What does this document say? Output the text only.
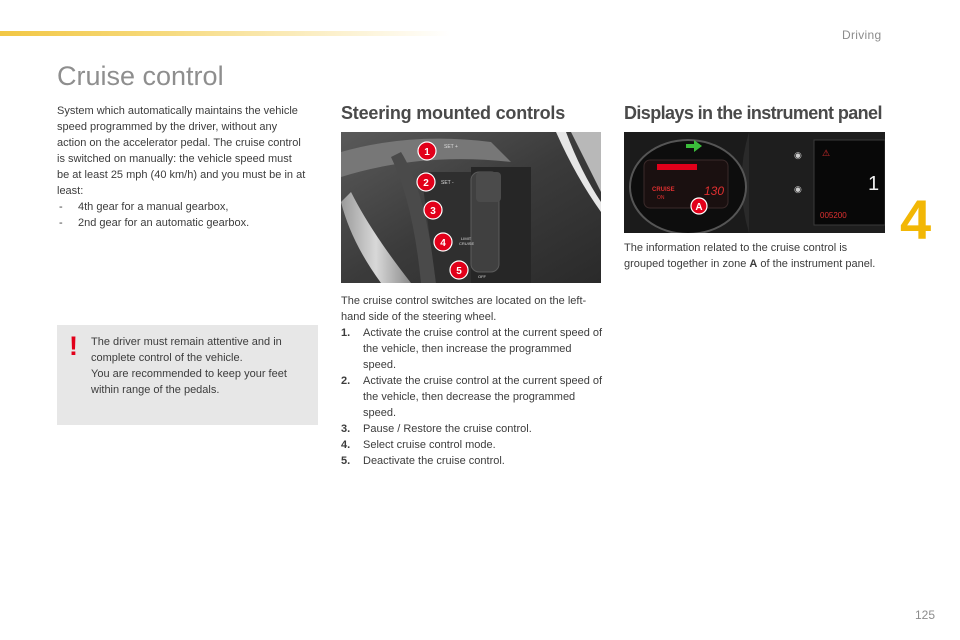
Driving
4
Cruise control

System which automatically maintains the vehicle speed programmed by the driver, without any action on the accelerator pedal. The cruise control is switched on manually: the vehicle speed must be at least 25 mph (40 km/h) and you must be in at least:

- 4th gear for a manual gearbox,
- 2nd gear for an automatic gearbox.
! The driver must remain attentive and in complete control of the vehicle.
You are recommended to keep your feet within range of the pedals.
Steering mounted controls
SET +
SET -
LIMIT
CRUISE
OFF
1
2
3
4
5

The cruise control switches are located on the left-hand side of the steering wheel.

1. Activate the cruise control at the current speed of the vehicle, then increase the programmed speed.
2. Activate the cruise control at the current speed of the vehicle, then decrease the programmed speed.
3. Pause / Restore the cruise control.
4. Select cruise control mode.
5. Deactivate the cruise control.
Displays in the instrument panel
CRUISE
ON	130
⚠
1
005200
◉
◉
A

The information related to the cruise control is grouped together in zone A of the instrument panel.

125
